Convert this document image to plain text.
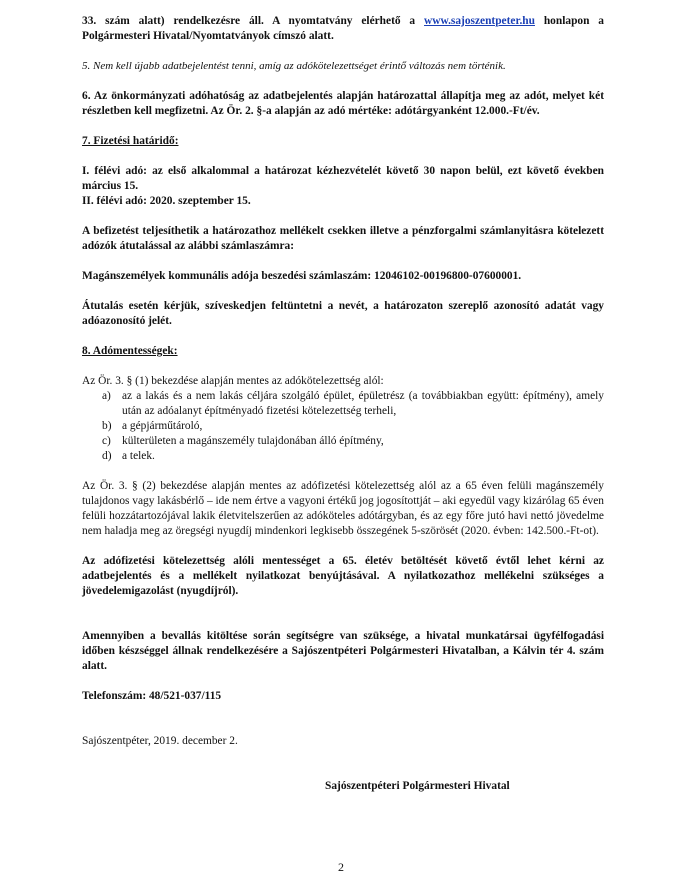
33. szám alatt) rendelkezésre áll. A nyomtatvány elérhető a www.sajoszentpeter.hu honlapon a Polgármesteri Hivatal/Nyomtatványok címszó alatt.

5. Nem kell újabb adatbejelentést tenni, amíg az adókötelezettséget érintő változás nem történik.

6. Az önkormányzati adóhatóság az adatbejelentés alapján határozattal állapítja meg az adót, melyet két részletben kell megfizetni. Az Ör. 2. §-a alapján az adó mértéke: adótárgyanként 12.000.-Ft/év.

7. Fizetési határidő:

I. félévi adó: az első alkalommal a határozat kézhezvételét követő 30 napon belül, ezt követő években március 15.

II. félévi adó: 2020. szeptember 15.

A befizetést teljesíthetik a határozathoz mellékelt csekken illetve a pénzforgalmi számlanyitásra kötelezett adózók átutalással az alábbi számlaszámra:

Magánszemélyek kommunális adója beszedési számlaszám: 12046102-00196800-07600001.

Átutalás esetén kérjük, szíveskedjen feltüntetni a nevét, a határozaton szereplő azonosító adatát vagy adóazonosító jelét.

8. Adómentességek:

Az Ör. 3. § (1) bekezdése alapján mentes az adókötelezettség alól:

a) az a lakás és a nem lakás céljára szolgáló épület, épületrész (a továbbiakban együtt: építmény), amely után az adóalanyt építményadó fizetési kötelezettség terheli,
b) a gépjárműtároló,
c) külterületen a magánszemély tulajdonában álló építmény,
d) a telek.

Az Ör. 3. § (2) bekezdése alapján mentes az adófizetési kötelezettség alól az a 65 éven felüli magánszemély tulajdonos vagy lakásbérlő – ide nem értve a vagyoni értékű jog jogosítottját – aki egyedül vagy kizárólag 65 éven felüli hozzátartozójával lakik életvitelszerűen az adóköteles adótárgyban, és az egy főre jutó havi nettó jövedelme nem haladja meg az öregségi nyugdíj mindenkori legkisebb összegének 5-szörösét (2020. évben: 142.500.-Ft-ot).

Az adófizetési kötelezettség alóli mentességet a 65. életév betöltését követő évtől lehet kérni az adatbejelentés és a mellékelt nyilatkozat benyújtásával. A nyilatkozathoz mellékelni szükséges a jövedelemigazolást (nyugdíjról).

Amennyiben a bevallás kitöltése során segítségre van szüksége, a hivatal munkatársai ügyfélfogadási időben készséggel állnak rendelkezésére a Sajószentpéteri Polgármesteri Hivatalban, a Kálvin tér 4. szám alatt.

Telefonszám: 48/521-037/115

Sajószentpéter, 2019. december 2.

Sajószentpéteri Polgármesteri Hivatal

2
